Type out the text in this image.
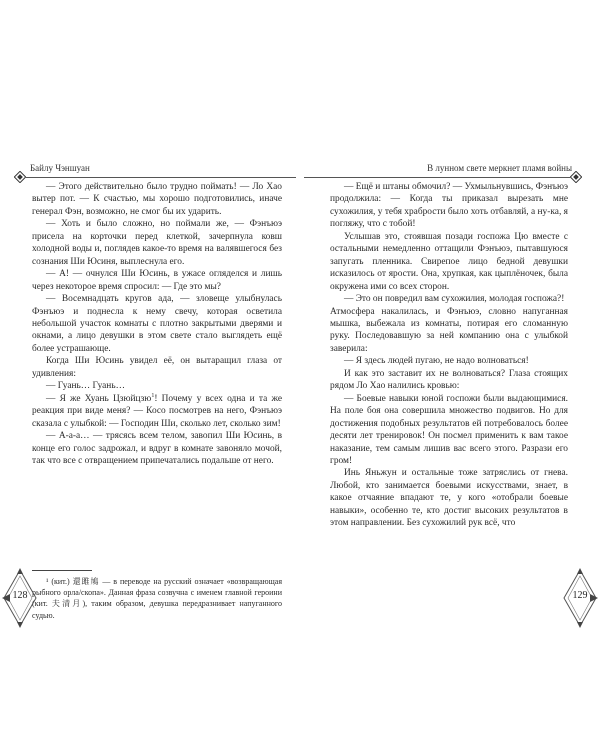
Байлу Чэншуан

— Этого действительно было трудно поймать! — Ло Хао вытер пот. — К счастью, мы хорошо подготовились, иначе генерал Фэн, возможно, не смог бы их ударить.

— Хоть и было сложно, но поймали же, — Фэнъюэ присела на корточки перед клеткой, зачерпнула ковш холодной воды и, поглядев какое-то время на валявшегося без сознания Ши Юсиня, выплеснула его.

— А! — очнулся Ши Юсинь, в ужасе огляделся и лишь через некоторое время спросил: — Где это мы?

— Восемнадцать кругов ада, — зловеще улыбнулась Фэнъюэ и поднесла к нему свечу, которая осветила небольшой участок комнаты с плотно закрытыми дверями и окнами, а лицо девушки в этом свете стало выглядеть ещё более устрашающе.

Когда Ши Юсинь увидел её, он вытаращил глаза от удивления:

— Гуань… Гуань…

— Я же Хуань Цзюйцзю$^1$! Почему у всех одна и та же реакция при виде меня? — Косо посмотрев на него, Фэнъюэ сказала с улыбкой: — Господин Ши, сколько лет, сколько зим!

— А-а-а… — трясясь всем телом, завопил Ши Юсинь, в конце его голос задрожал, и вдруг в комнате завоняло мочой, так что все с отвращением припечатались подальше от него.

¹ (кит.) 還雎鳩 — в переводе на русский означает «возвращающая рыбного орла/скопа». Данная фраза созвучна с именем главной героини (кит. 夫清月), таким образом, девушка передразнивает напуганного судью.

128
В лунном свете меркнет пламя войны

— Ещё и штаны обмочил? — Ухмыльнувшись, Фэнъюэ продолжила: — Когда ты приказал вырезать мне сухожилия, у тебя храбрости было хоть отбавляй, а ну-ка, я погляжу, что с тобой!

Услышав это, стоявшая позади госпожа Цю вместе с остальными немедленно оттащили Фэнъюэ, пытавшуюся запугать пленника. Свирепое лицо бедной девушки исказилось от ярости. Она, хрупкая, как цыплёночек, была окружена ими со всех сторон.

— Это он повредил вам сухожилия, молодая госпожа?!

Атмосфера накалилась, и Фэнъюэ, словно напуганная мышка, выбежала из комнаты, потирая его сломанную руку. Последовавшую за ней компанию она с улыбкой заверила:

— Я здесь людей пугаю, не надо волноваться!

И как это заставит их не волноваться? Глаза стоящих рядом Ло Хао налились кровью:

— Боевые навыки юной госпожи были выдающимися. На поле боя она совершила множество подвигов. Но для достижения подобных результатов ей потребовалось более десяти лет тренировок! Он посмел применить к вам такое наказание, тем самым лишив вас всего этого. Разрази его гром!

Инь Яньжун и остальные тоже затряслись от гнева. Любой, кто занимается боевыми искусствами, знает, в какое отчаяние впадают те, у кого «отобрали боевые навыки», особенно те, кто достиг высоких результатов в этом направлении. Без сухожилий рук всё, что

129
